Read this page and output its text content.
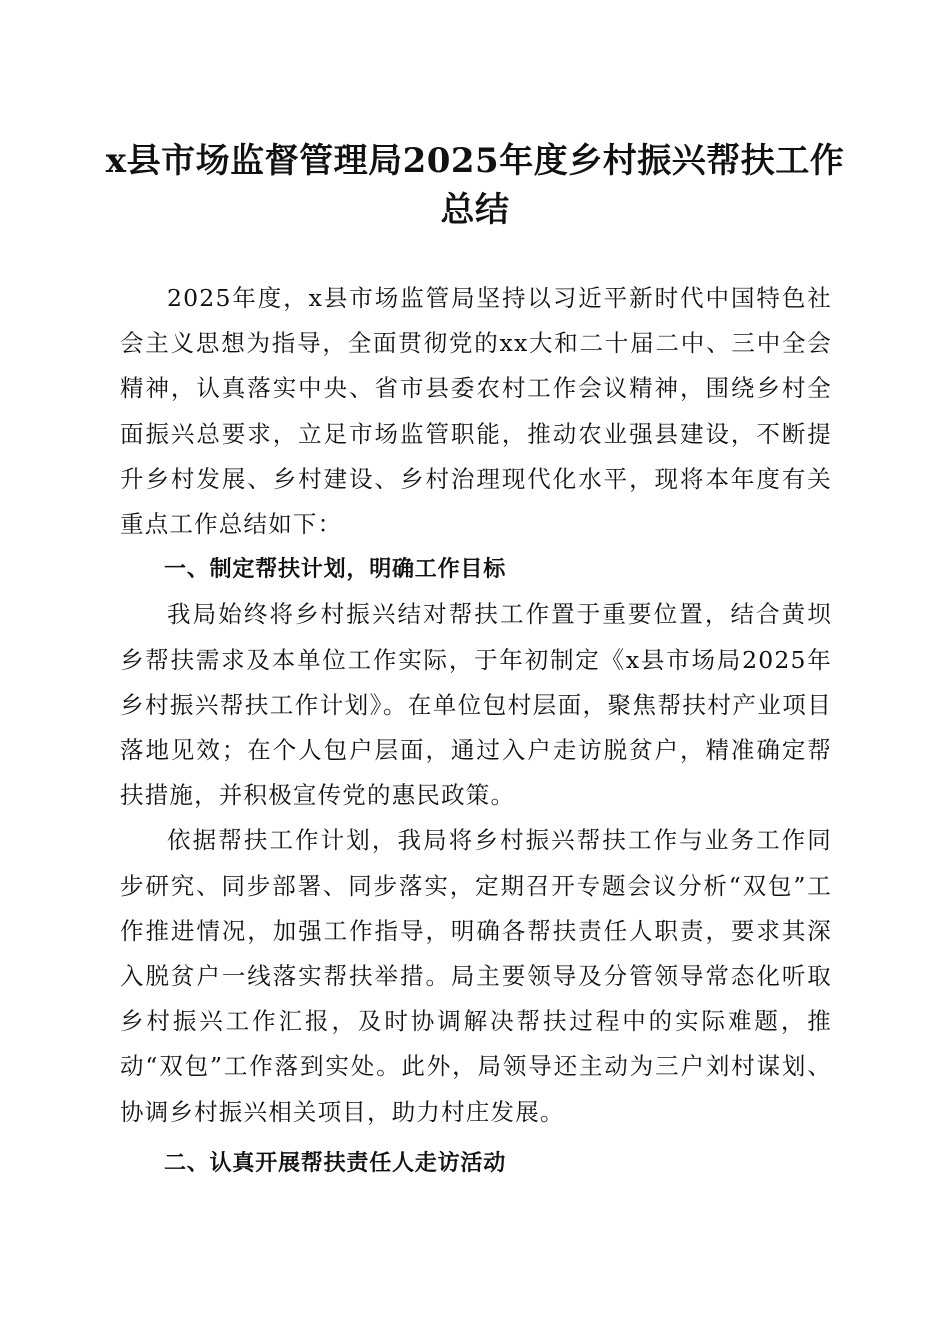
x县市场监督管理局2025年度乡村振兴帮扶工作总结

2025年度，x县市场监管局坚持以习近平新时代中国特色社会主义思想为指导，全面贯彻党的xx大和二十届二中、三中全会精神，认真落实中央、省市县委农村工作会议精神，围绕乡村全面振兴总要求，立足市场监管职能，推动农业强县建设，不断提升乡村发展、乡村建设、乡村治理现代化水平，现将本年度有关重点工作总结如下：

一、制定帮扶计划，明确工作目标

我局始终将乡村振兴结对帮扶工作置于重要位置，结合黄坝乡帮扶需求及本单位工作实际，于年初制定《x县市场局2025年乡村振兴帮扶工作计划》。在单位包村层面，聚焦帮扶村产业项目落地见效；在个人包户层面，通过入户走访脱贫户，精准确定帮扶措施，并积极宣传党的惠民政策。

依据帮扶工作计划，我局将乡村振兴帮扶工作与业务工作同步研究、同步部署、同步落实，定期召开专题会议分析“双包”工作推进情况，加强工作指导，明确各帮扶责任人职责，要求其深入脱贫户一线落实帮扶举措。局主要领导及分管领导常态化听取乡村振兴工作汇报，及时协调解决帮扶过程中的实际难题，推动“双包”工作落到实处。此外，局领导还主动为三户刘村谋划、协调乡村振兴相关项目，助力村庄发展。

二、认真开展帮扶责任人走访活动
